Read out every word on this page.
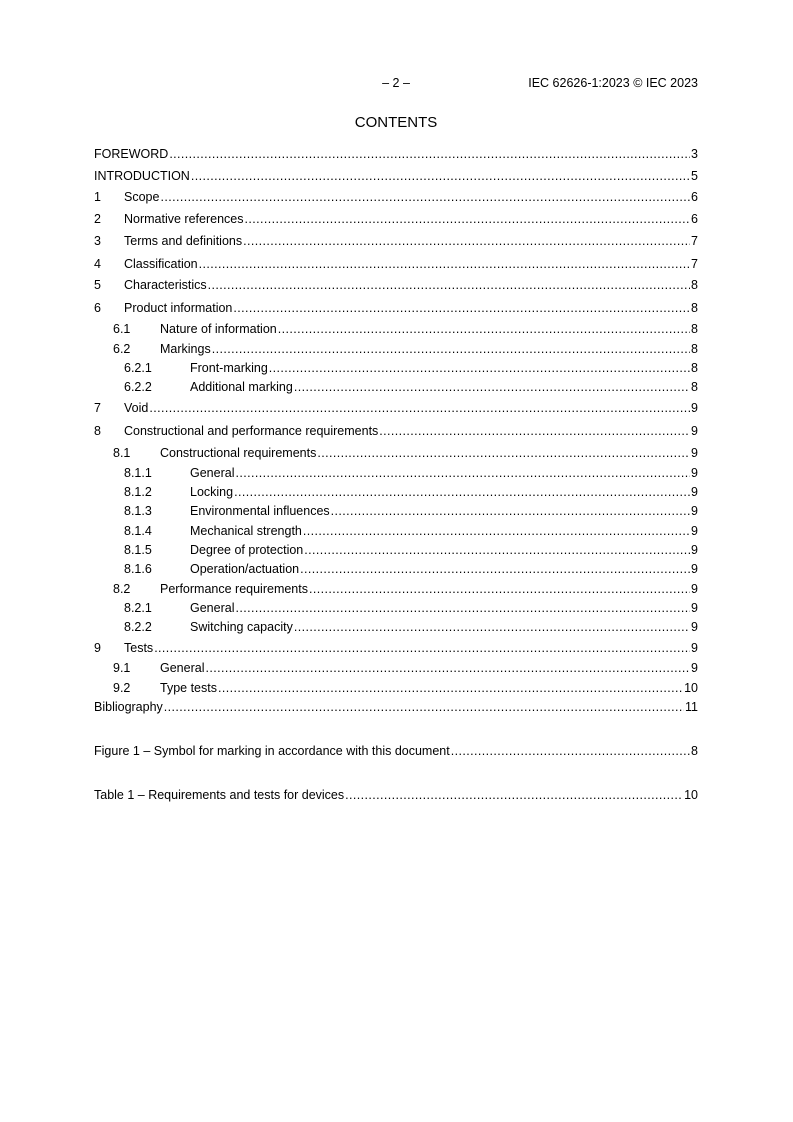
– 2 –	IEC 62626-1:2023 © IEC 2023
CONTENTS
FOREWORD .....	3
INTRODUCTION .....	5
1	Scope .....	6
2	Normative references .....	6
3	Terms and definitions .....	7
4	Classification .....	7
5	Characteristics .....	8
6	Product information .....	8
6.1	Nature of information .....	8
6.2	Markings .....	8
6.2.1	Front-marking .....	8
6.2.2	Additional marking .....	8
7	Void .....	9
8	Constructional and performance requirements .....	9
8.1	Constructional requirements .....	9
8.1.1	General .....	9
8.1.2	Locking .....	9
8.1.3	Environmental influences .....	9
8.1.4	Mechanical strength .....	9
8.1.5	Degree of protection .....	9
8.1.6	Operation/actuation .....	9
8.2	Performance requirements .....	9
8.2.1	General .....	9
8.2.2	Switching capacity .....	9
9	Tests .....	9
9.1	General .....	9
9.2	Type tests .....	10
Bibliography .....	11
Figure 1 – Symbol for marking in accordance with this document .....	8
Table 1 – Requirements and tests for devices .....	10
